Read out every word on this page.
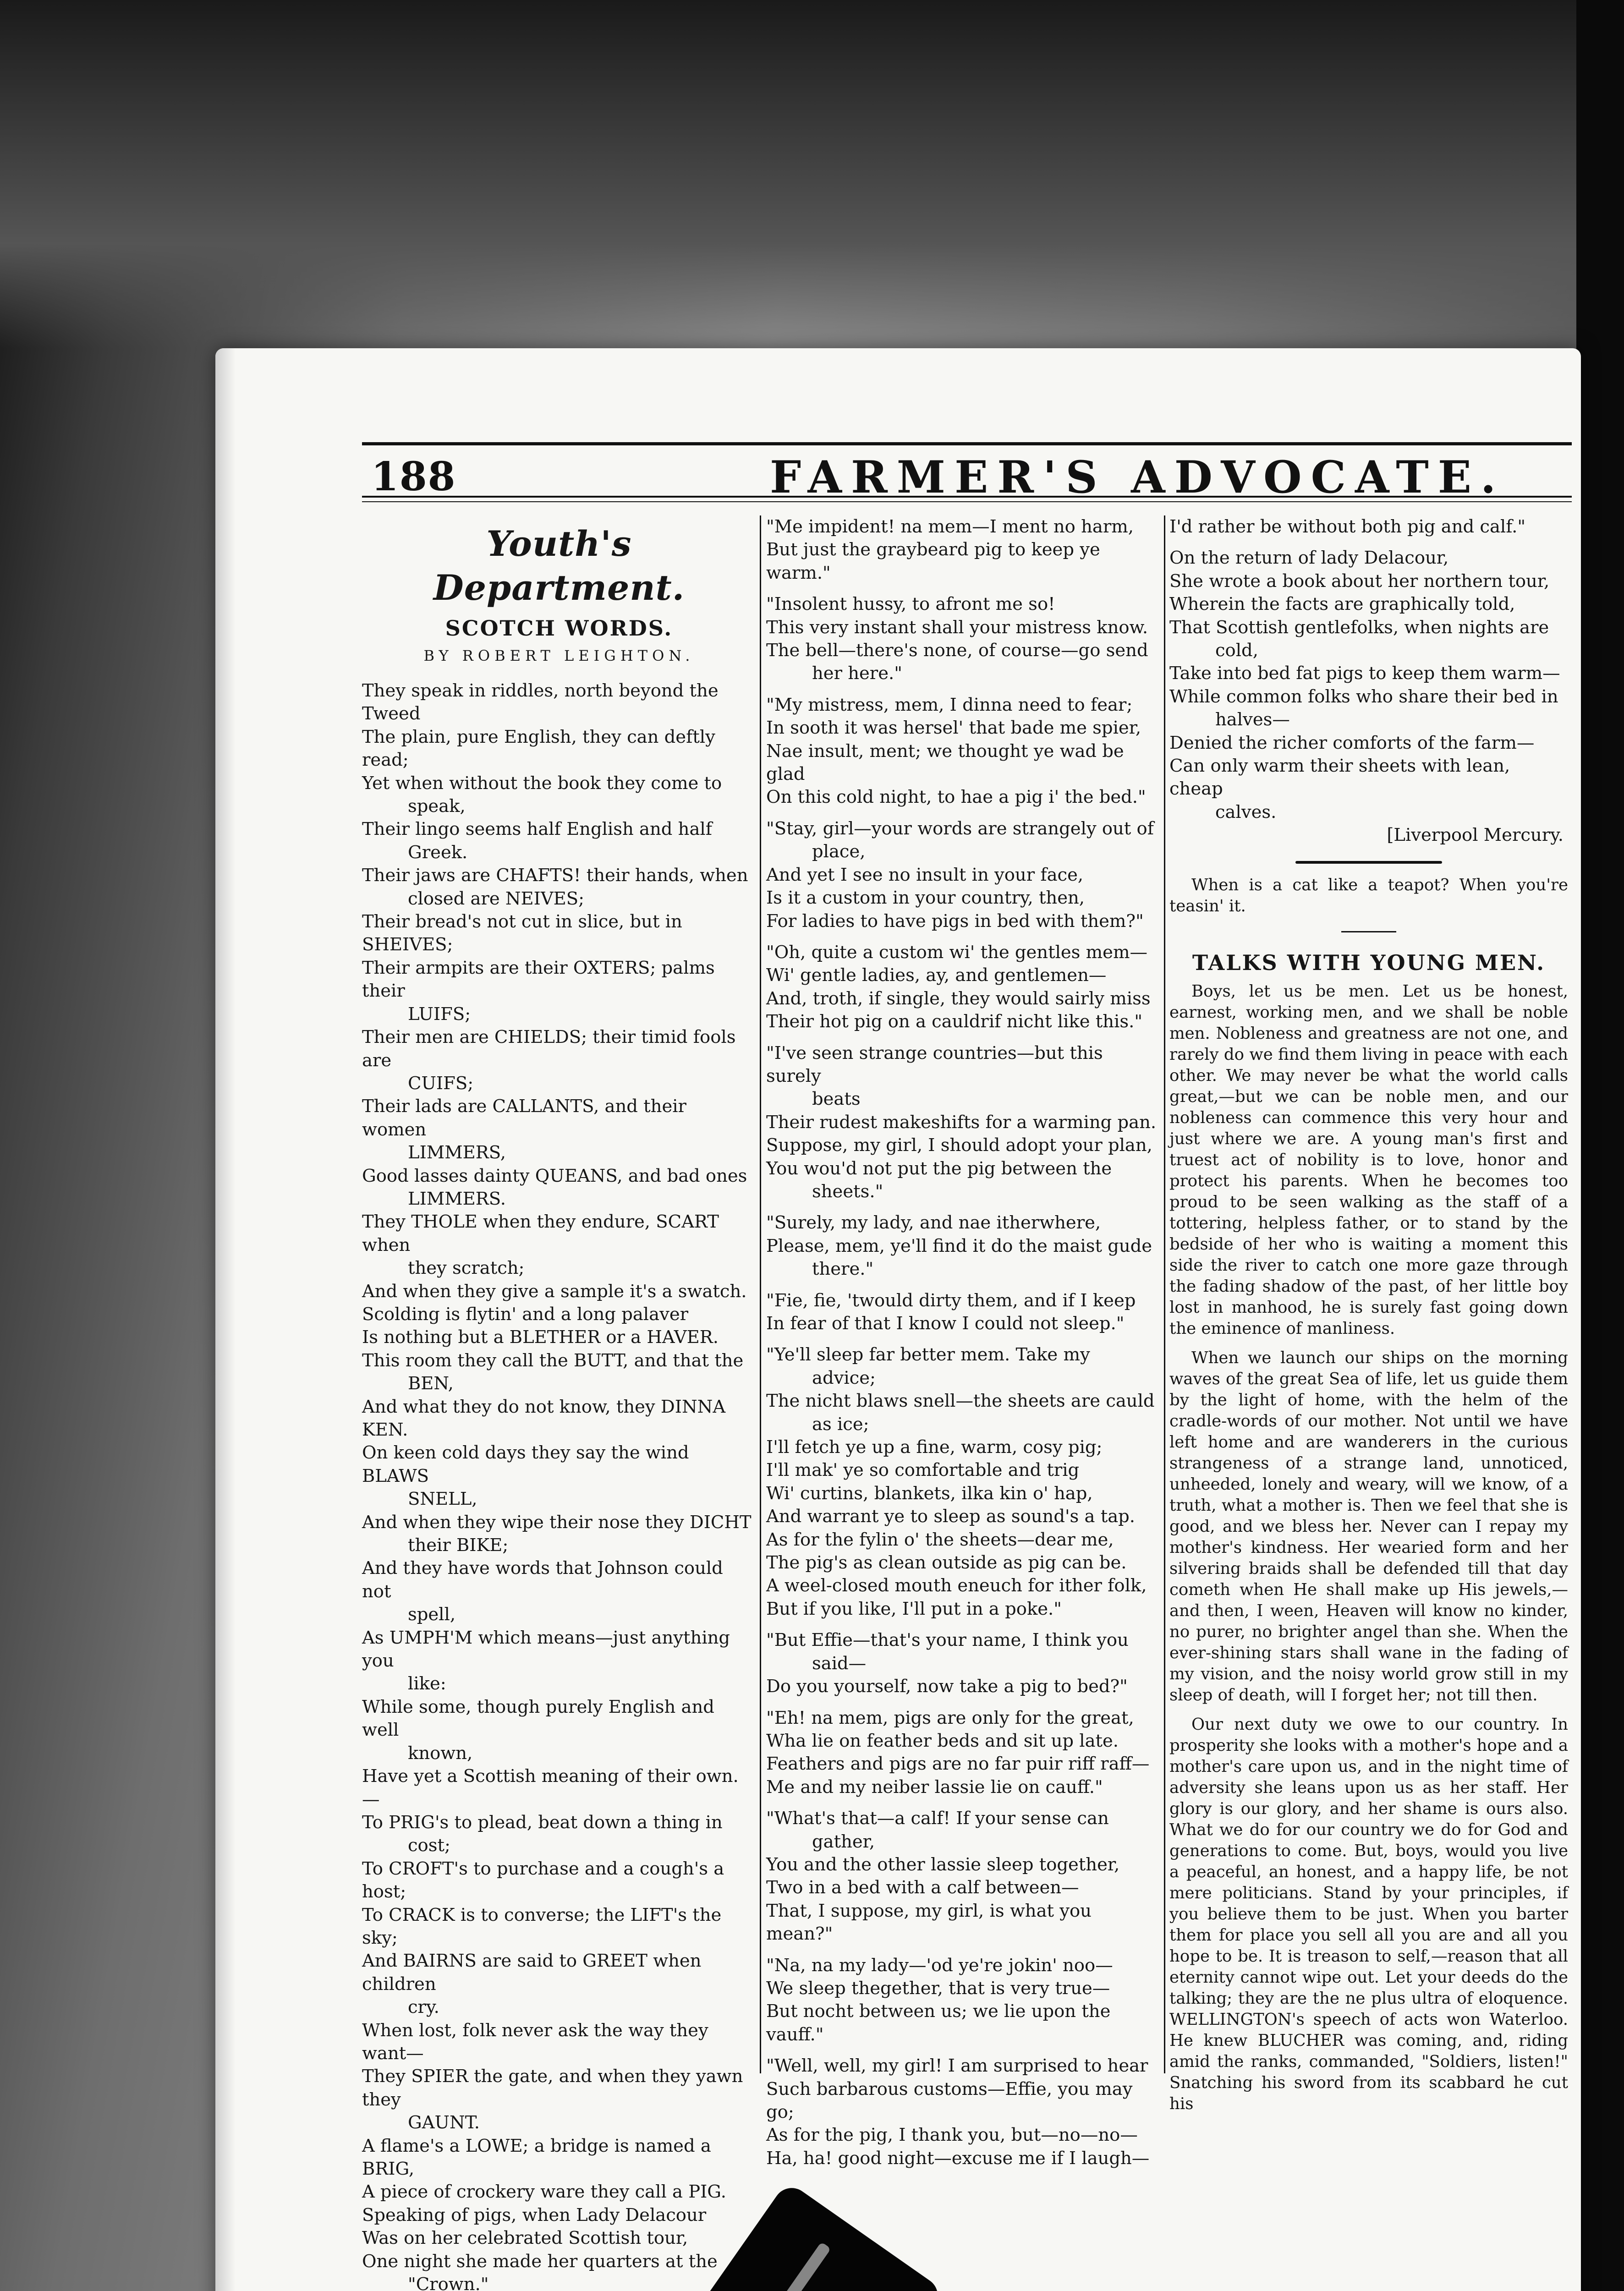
188	FARMER'S ADVOCATE.

Youth's Department.

SCOTCH WORDS.

BY ROBERT LEIGHTON.

They speak in riddles, north beyond the Tweed

The plain, pure English, they can deftly read;

Yet when without the book they come to

speak,

Their lingo seems half English and half

Greek.

Their jaws are CHAFTS! their hands, when

closed are NEIVES;

Their bread's not cut in slice, but in SHEIVES;

Their armpits are their OXTERS; palms their

LUIFS;

Their men are CHIELDS; their timid fools are

CUIFS;

Their lads are CALLANTS, and their women

LIMMERS,

Good lasses dainty QUEANS, and bad ones

LIMMERS.

They THOLE when they endure, SCART when

they scratch;

And when they give a sample it's a swatch.

Scolding is flytin' and a long palaver

Is nothing but a BLETHER or a HAVER.

This room they call the BUTT, and that the

BEN,

And what they do not know, they DINNA KEN.

On keen cold days they say the wind BLAWS

SNELL,

And when they wipe their nose they DICHT

their BIKE;

And they have words that Johnson could not

spell,

As UMPH'M which means—just anything you

like:

While some, though purely English and well

known,

Have yet a Scottish meaning of their own.—

To PRIG's to plead, beat down a thing in

cost;

To CROFT's to purchase and a cough's a host;

To CRACK is to converse; the LIFT's the sky;

And BAIRNS are said to GREET when children

cry.

When lost, folk never ask the way they want—

They SPIER the gate, and when they yawn they

GAUNT.

A flame's a LOWE; a bridge is named a BRIG,

A piece of crockery ware they call a PIG.

Speaking of pigs, when Lady Delacour

Was on her celebrated Scottish tour,

One night she made her quarters at the

"Crown."

"Me impident! na mem—I ment no harm,

But just the graybeard pig to keep ye warm."

"Insolent hussy, to afront me so!

This very instant shall your mistress know.

The bell—there's none, of course—go send

her here."

"My mistress, mem, I dinna need to fear;

In sooth it was hersel' that bade me spier,

Nae insult, ment; we thought ye wad be glad

On this cold night, to hae a pig i' the bed."

"Stay, girl—your words are strangely out of

place,

And yet I see no insult in your face,

Is it a custom in your country, then,

For ladies to have pigs in bed with them?"

"Oh, quite a custom wi' the gentles mem—

Wi' gentle ladies, ay, and gentlemen—

And, troth, if single, they would sairly miss

Their hot pig on a cauldrif nicht like this."

"I've seen strange countries—but this surely

beats

Their rudest makeshifts for a warming pan.

Suppose, my girl, I should adopt your plan,

You wou'd not put the pig between the

sheets."

"Surely, my lady, and nae itherwhere,

Please, mem, ye'll find it do the maist gude

there."

"Fie, fie, 'twould dirty them, and if I keep

In fear of that I know I could not sleep."

"Ye'll sleep far better mem. Take my

advice;

The nicht blaws snell—the sheets are cauld

as ice;

I'll fetch ye up a fine, warm, cosy pig;

I'll mak' ye so comfortable and trig

Wi' curtins, blankets, ilka kin o' hap,

And warrant ye to sleep as sound's a tap.

As for the fylin o' the sheets—dear me,

The pig's as clean outside as pig can be.

A weel-closed mouth eneuch for ither folk,

But if you like, I'll put in a poke."

"But Effie—that's your name, I think you

said—

Do you yourself, now take a pig to bed?"

"Eh! na mem, pigs are only for the great,

Wha lie on feather beds and sit up late.

Feathers and pigs are no far puir riff raff—

Me and my neiber lassie lie on cauff."

"What's that—a calf! If your sense can

gather,

You and the other lassie sleep together,

Two in a bed with a calf between—

That, I suppose, my girl, is what you mean?"

"Na, na my lady—'od ye're jokin' noo—

We sleep thegether, that is very true—

But nocht between us; we lie upon the vauff."

"Well, well, my girl! I am surprised to hear

Such barbarous customs—Effie, you may go;

As for the pig, I thank you, but—no—no—

Ha, ha! good night—excuse me if I laugh—

I'd rather be without both pig and calf."

On the return of lady Delacour,

She wrote a book about her northern tour,

Wherein the facts are graphically told,

That Scottish gentlefolks, when nights are

cold,

Take into bed fat pigs to keep them warm—

While common folks who share their bed in

halves—

Denied the richer comforts of the farm—

Can only warm their sheets with lean, cheap

calves.

[Liverpool Mercury.

When is a cat like a teapot? When you're teasin' it.

TALKS WITH YOUNG MEN.

Boys, let us be men. Let us be honest, earnest, working men, and we shall be noble men. Nobleness and greatness are not one, and rarely do we find them living in peace with each other. We may never be what the world calls great,—but we can be noble men, and our nobleness can commence this very hour and just where we are. A young man's first and truest act of nobility is to love, honor and protect his parents. When he becomes too proud to be seen walking as the staff of a tottering, helpless father, or to stand by the bedside of her who is waiting a moment this side the river to catch one more gaze through the fading shadow of the past, of her little boy lost in manhood, he is surely fast going down the eminence of manliness.

When we launch our ships on the morning waves of the great Sea of life, let us guide them by the light of home, with the helm of the cradle-words of our mother. Not until we have left home and are wanderers in the curious strangeness of a strange land, unnoticed, unheeded, lonely and weary, will we know, of a truth, what a mother is. Then we feel that she is good, and we bless her. Never can I repay my mother's kindness. Her wearied form and her silvering braids shall be defended till that day cometh when He shall make up His jewels,—and then, I ween, Heaven will know no kinder, no purer, no brighter angel than she. When the ever-shining stars shall wane in the fading of my vision, and the noisy world grow still in my sleep of death, will I forget her; not till then.

Our next duty we owe to our country. In prosperity she looks with a mother's hope and a mother's care upon us, and in the night time of adversity she leans upon us as her staff. Her glory is our glory, and her shame is ours also. What we do for our country we do for God and generations to come. But, boys, would you live a peaceful, an honest, and a happy life, be not mere politicians. Stand by your principles, if you believe them to be just. When you barter them for place you sell all you are and all you hope to be. It is treason to self,—reason that all eternity cannot wipe out. Let your deeds do the talking; they are the ne plus ultra of eloquence. WELLINGTON's speech of acts won Waterloo. He knew BLUCHER was coming, and, riding amid the ranks, commanded, "Soldiers, listen!" Snatching his sword from its scabbard he cut his
